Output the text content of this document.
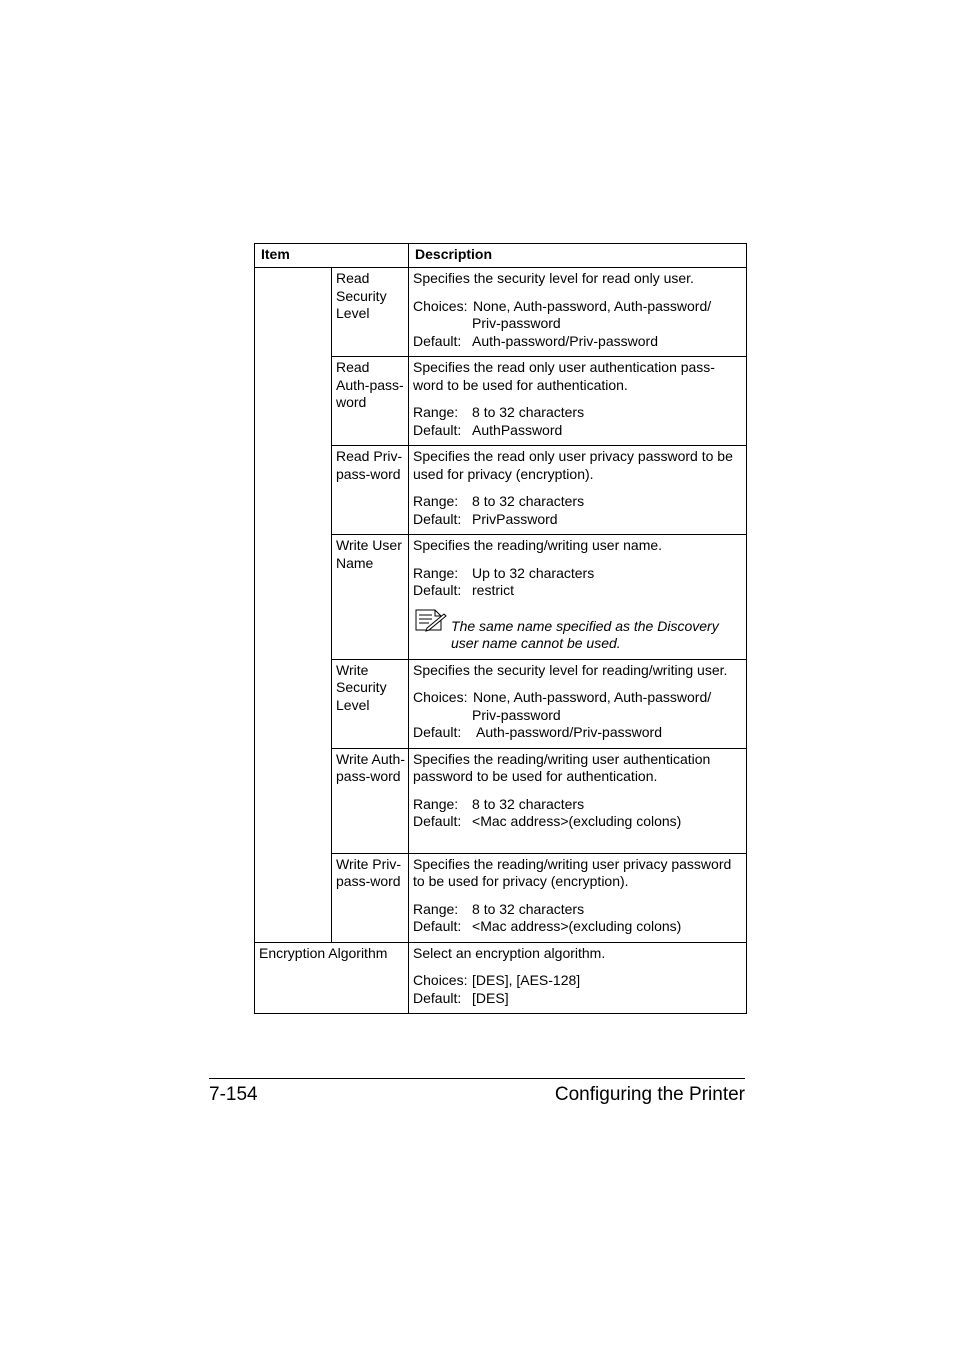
Item		Description
	Read Security Level	Specifies the security level for read only user.

Choices: None, Auth-password, Auth-password/
Priv-password
Default: Auth-password/Priv-password

	Read Auth-pass-word	Specifies the read only user authentication pass-word to be used for authentication.

Range: 8 to 32 characters
Default: AuthPassword

	Read Priv-pass-word	Specifies the read only user privacy password to be used for privacy (encryption).

Range: 8 to 32 characters
Default: PrivPassword

	Write User Name	Specifies the reading/writing user name.

Range: Up to 32 characters
Default: restrict
The same name specified as the Discovery user name cannot be used.

	Write Security Level	Specifies the security level for reading/writing user.

Choices: None, Auth-password, Auth-password/
Priv-password
Default: Auth-password/Priv-password

	Write Auth-pass-word	Specifies the reading/writing user authentication password to be used for authentication.

Range: 8 to 32 characters
Default: <Mac address>(excluding colons)

	Write Priv-pass-word	Specifies the reading/writing user privacy password to be used for privacy (encryption).

Range: 8 to 32 characters
Default: <Mac address>(excluding colons)

Encryption Algorithm		Select an encryption algorithm.

Choices: [DES], [AES-128]
Default: [DES]
7-154	Configuring the Printer
